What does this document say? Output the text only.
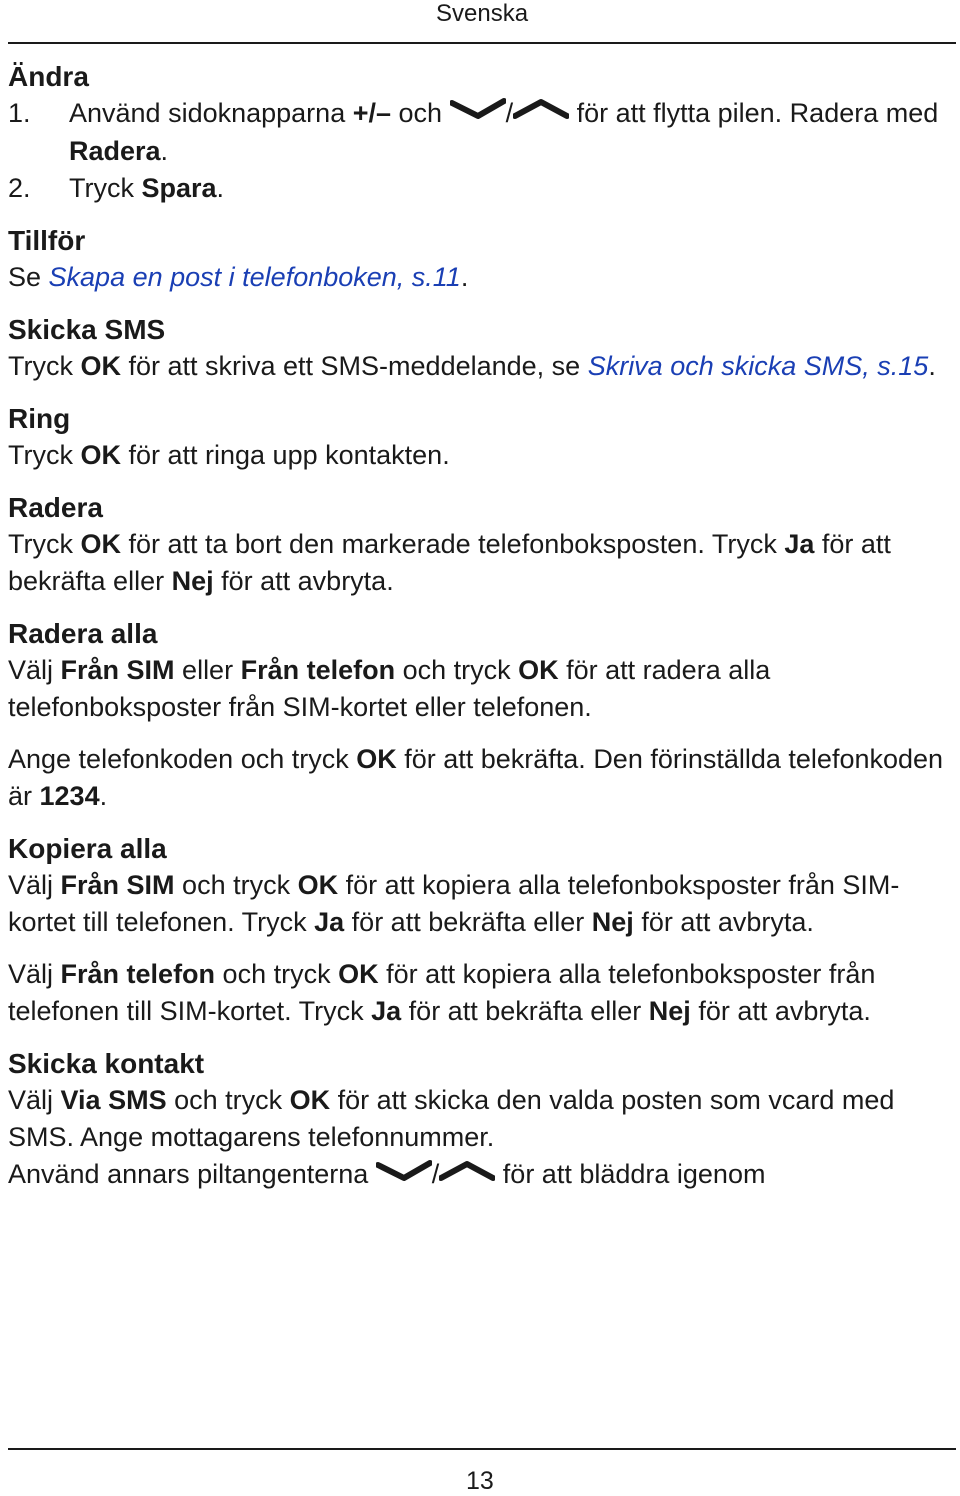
Svenska
Ändra
1. Använd sidoknapparna +/– och / för att flytta pilen. Radera med Radera.
2. Tryck Spara.
Tillför

Se Skapa en post i telefonboken, s.11.

Skicka SMS

Tryck OK för att skriva ett SMS-meddelande, se Skriva och skicka SMS, s.15.

Ring

Tryck OK för att ringa upp kontakten.

Radera

Tryck OK för att ta bort den markerade telefonboksposten. Tryck Ja för att bekräfta eller Nej för att avbryta.

Radera alla

Välj Från SIM eller Från telefon och tryck OK för att radera alla telefonboksposter från SIM-kortet eller telefonen.

Ange telefonkoden och tryck OK för att bekräfta. Den förinställda telefonkoden är 1234.

Kopiera alla

Välj Från SIM och tryck OK för att kopiera alla telefonboksposter från SIM-kortet till telefonen. Tryck Ja för att bekräfta eller Nej för att avbryta.

Välj Från telefon och tryck OK för att kopiera alla telefonboksposter från telefonen till SIM-kortet. Tryck Ja för att bekräfta eller Nej för att avbryta.

Skicka kontakt

Välj Via SMS och tryck OK för att skicka den valda posten som vcard med SMS. Ange mottagarens telefonnummer.

Använd annars piltangenterna / för att bläddra igenom

13
